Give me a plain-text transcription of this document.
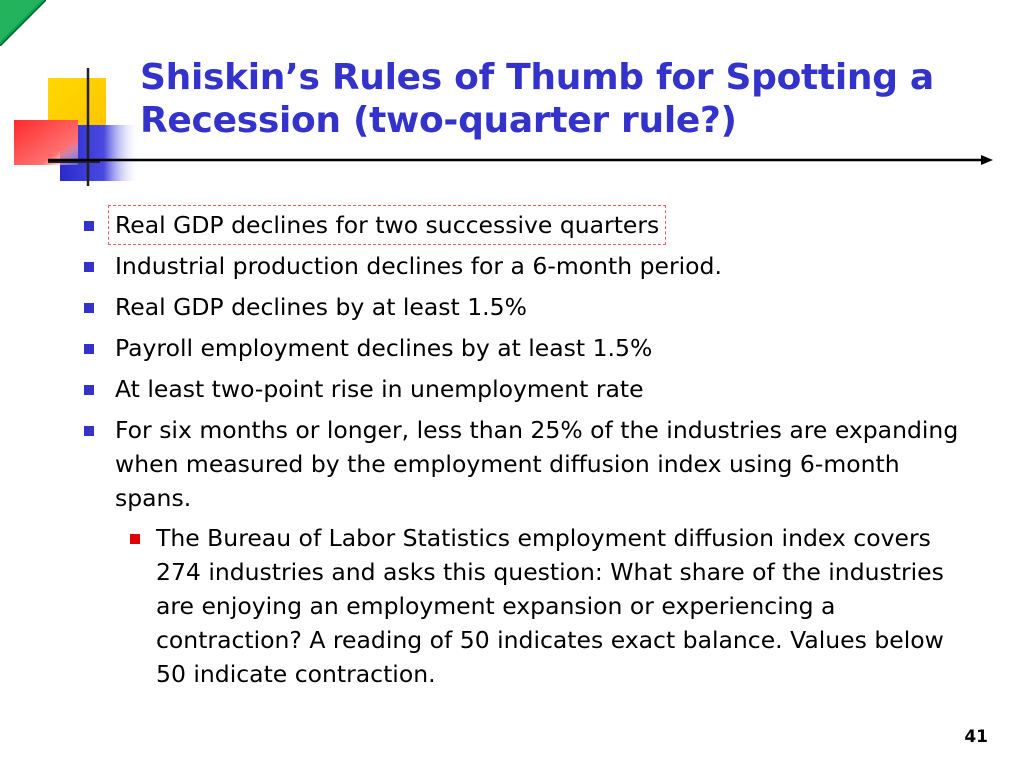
Shiskin’s Rules of Thumb for Spotting a
Recession (two-quarter rule?)
Real GDP declines for two successive quarters
Industrial production declines for a 6-month period.
Real GDP declines by at least 1.5%
Payroll employment declines by at least 1.5%
At least two-point rise in unemployment rate
For six months or longer, less than 25% of the industries are expanding when measured by the employment diffusion index using 6-month spans.
The Bureau of Labor Statistics employment diffusion index covers 274 industries and asks this question: What share of the industries are enjoying an employment expansion or experiencing a contraction? A reading of 50 indicates exact balance. Values below 50 indicate contraction.
41
